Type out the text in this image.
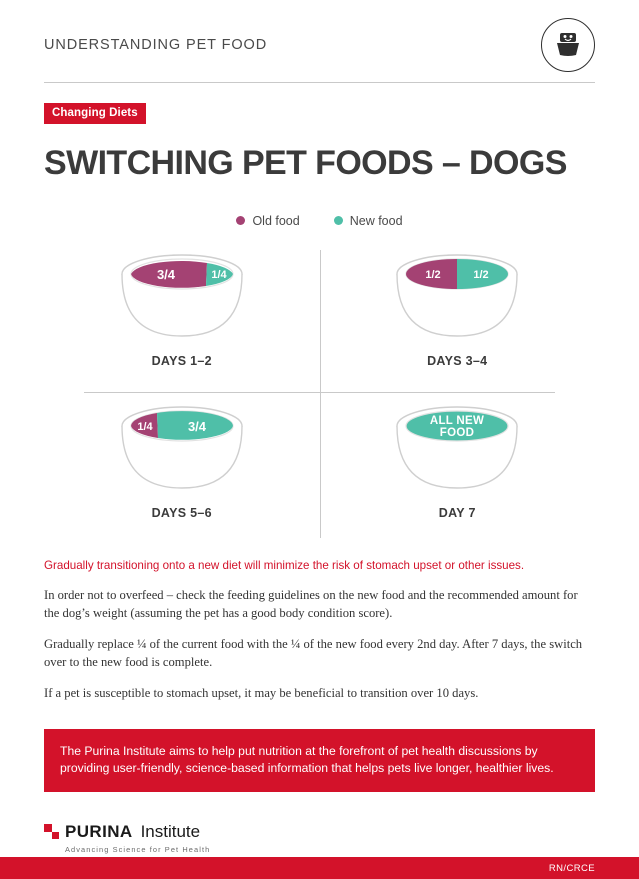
UNDERSTANDING PET FOOD
Changing Diets
SWITCHING PET FOODS – DOGS
Old food	New food
3/4	1/4
DAYS 1–2
1/2	1/2
DAYS 3–4
1/4	3/4
DAYS 5–6
ALL NEW
FOOD
DAY 7
Gradually transitioning onto a new diet will minimize the risk of stomach upset or other issues.
In order not to overfeed – check the feeding guidelines on the new food and the recommended amount for the dog’s weight (assuming the pet has a good body condition score).
Gradually replace ¼ of the current food with the ¼ of the new food every 2nd day. After 7 days, the switch over to the new food is complete.
If a pet is susceptible to stomach upset, it may be beneficial to transition over 10 days.
The Purina Institute aims to help put nutrition at the forefront of pet health discussions by providing user-friendly, science-based information that helps pets live longer, healthier lives.
PURINA Institute
Advancing Science for Pet Health
RN/CRCE
